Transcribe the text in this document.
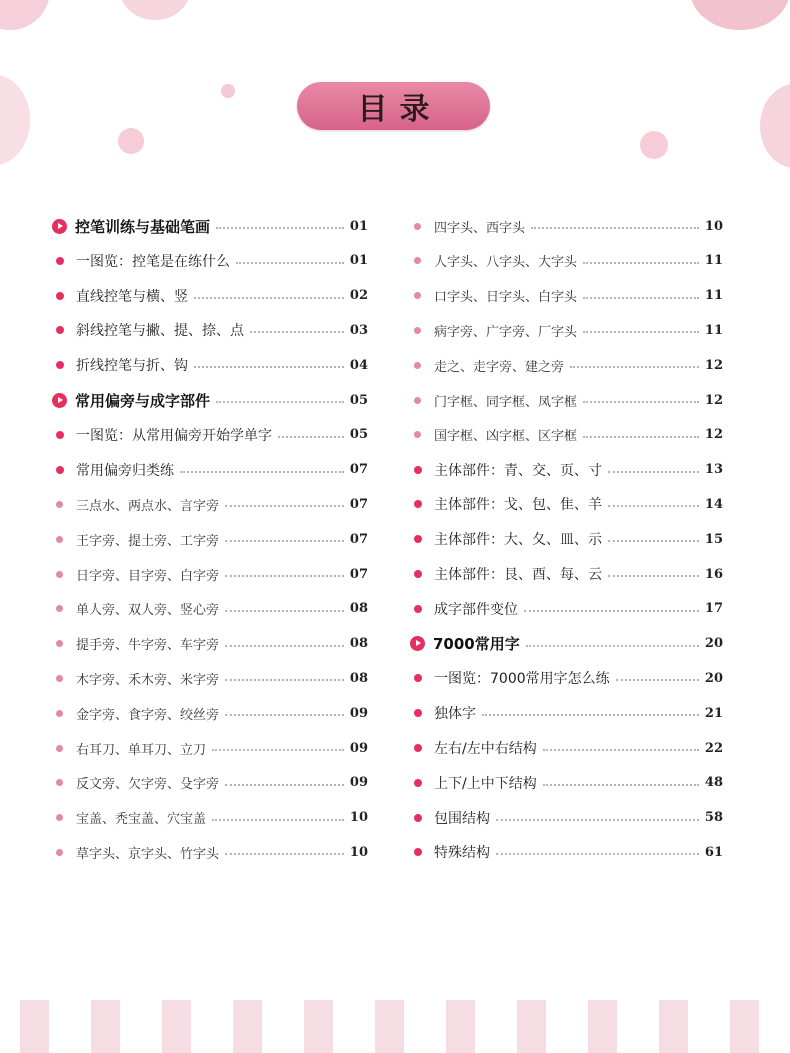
目录
控笔训练与基础笔画	01
一图览：控笔是在练什么	01
直线控笔与横、竖	02
斜线控笔与撇、提、捺、点	03
折线控笔与折、钩	04
常用偏旁与成字部件	05
一图览：从常用偏旁开始学单字	05
常用偏旁归类练	07
三点水、两点水、言字旁	07
王字旁、提土旁、工字旁	07
日字旁、目字旁、白字旁	07
单人旁、双人旁、竖心旁	08
提手旁、牛字旁、车字旁	08
木字旁、禾木旁、米字旁	08
金字旁、食字旁、绞丝旁	09
右耳刀、单耳刀、立刀	09
反文旁、欠字旁、殳字旁	09
宝盖、秃宝盖、穴宝盖	10
草字头、京字头、竹字头	10
四字头、西字头	10
人字头、八字头、大字头	11
口字头、日字头、白字头	11
病字旁、广字旁、厂字头	11
走之、走字旁、建之旁	12
门字框、同字框、凤字框	12
国字框、凶字框、区字框	12
主体部件：青、交、页、寸	13
主体部件：戈、包、隹、羊	14
主体部件：大、夂、皿、示	15
主体部件：艮、酉、每、云	16
成字部件变位	17
7000常用字	20
一图览：7000常用字怎么练	20
独体字	21
左右/左中右结构	22
上下/上中下结构	48
包围结构	58
特殊结构	61
